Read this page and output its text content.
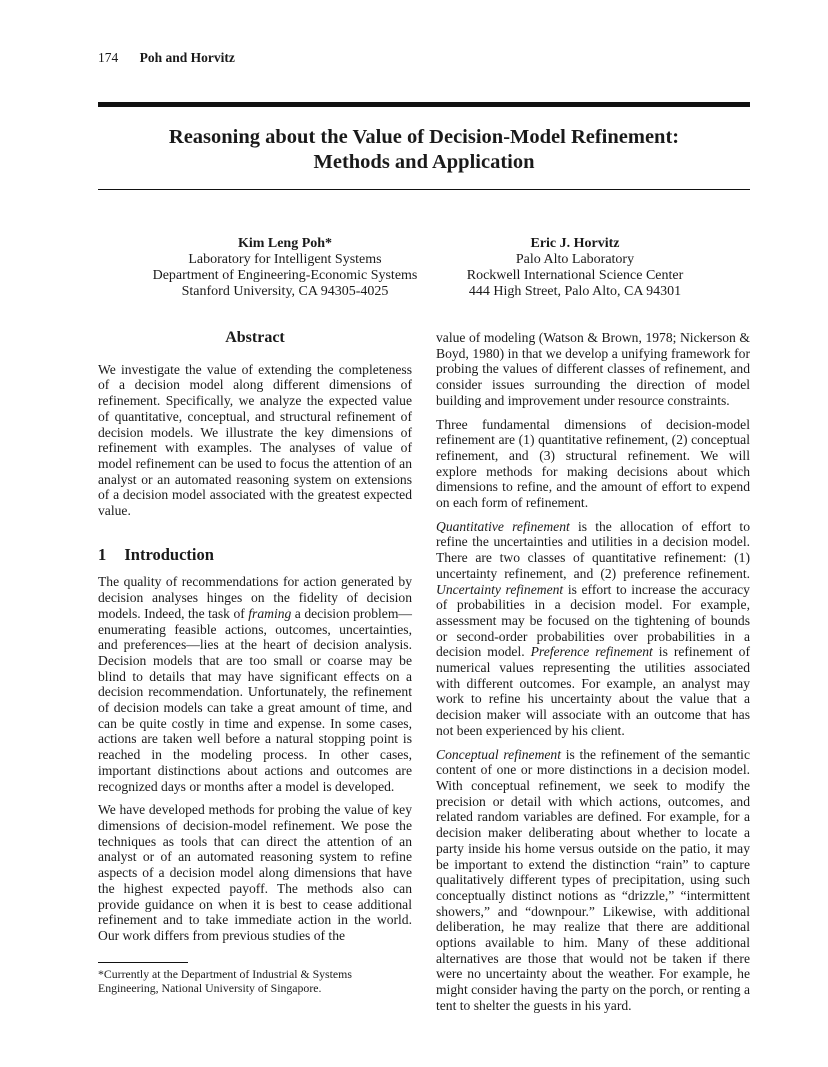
174 Poh and Horvitz
Reasoning about the Value of Decision-Model Refinement:
Methods and Application
Kim Leng Poh*
Laboratory for Intelligent Systems
Department of Engineering-Economic Systems
Stanford University, CA 94305-4025
Eric J. Horvitz
Palo Alto Laboratory
Rockwell International Science Center
444 High Street, Palo Alto, CA 94301
Abstract

We investigate the value of extending the completeness of a decision model along different dimensions of refinement. Specifically, we analyze the expected value of quantitative, conceptual, and structural refinement of decision models. We illustrate the key dimensions of refinement with examples. The analyses of value of model refinement can be used to focus the attention of an analyst or an automated reasoning system on extensions of a decision model associated with the greatest expected value.

1 Introduction

The quality of recommendations for action generated by decision analyses hinges on the fidelity of decision models. Indeed, the task of framing a decision problem—enumerating feasible actions, outcomes, uncertainties, and preferences—lies at the heart of decision analysis. Decision models that are too small or coarse may be blind to details that may have significant effects on a decision recommendation. Unfortunately, the refinement of decision models can take a great amount of time, and can be quite costly in time and expense. In some cases, actions are taken well before a natural stopping point is reached in the modeling process. In other cases, important distinctions about actions and outcomes are recognized days or months after a model is developed.

We have developed methods for probing the value of key dimensions of decision-model refinement. We pose the techniques as tools that can direct the attention of an analyst or of an automated reasoning system to refine aspects of a decision model along dimensions that have the highest expected payoff. The methods also can provide guidance on when it is best to cease additional refinement and to take immediate action in the world. Our work differs from previous studies of the

value of modeling (Watson & Brown, 1978; Nickerson & Boyd, 1980) in that we develop a unifying framework for probing the values of different classes of refinement, and consider issues surrounding the direction of model building and improvement under resource constraints.

Three fundamental dimensions of decision-model refinement are (1) quantitative refinement, (2) conceptual refinement, and (3) structural refinement. We will explore methods for making decisions about which dimensions to refine, and the amount of effort to expend on each form of refinement.

Quantitative refinement is the allocation of effort to refine the uncertainties and utilities in a decision model. There are two classes of quantitative refinement: (1) uncertainty refinement, and (2) preference refinement. Uncertainty refinement is effort to increase the accuracy of probabilities in a decision model. For example, assessment may be focused on the tightening of bounds or second-order probabilities over probabilities in a decision model. Preference refinement is refinement of numerical values representing the utilities associated with different outcomes. For example, an analyst may work to refine his uncertainty about the value that a decision maker will associate with an outcome that has not been experienced by his client.

Conceptual refinement is the refinement of the semantic content of one or more distinctions in a decision model. With conceptual refinement, we seek to modify the precision or detail with which actions, outcomes, and related random variables are defined. For example, for a decision maker deliberating about whether to locate a party inside his home versus outside on the patio, it may be important to extend the distinction “rain” to capture qualitatively different types of precipitation, using such conceptually distinct notions as “drizzle,” “intermittent showers,” and “downpour.” Likewise, with additional deliberation, he may realize that there are additional options available to him. Many of these additional alternatives are those that would not be taken if there were no uncertainty about the weather. For example, he might consider having the party on the porch, or renting a tent to shelter the guests in his yard.

*Currently at the Department of Industrial & Systems Engineering, National University of Singapore.
